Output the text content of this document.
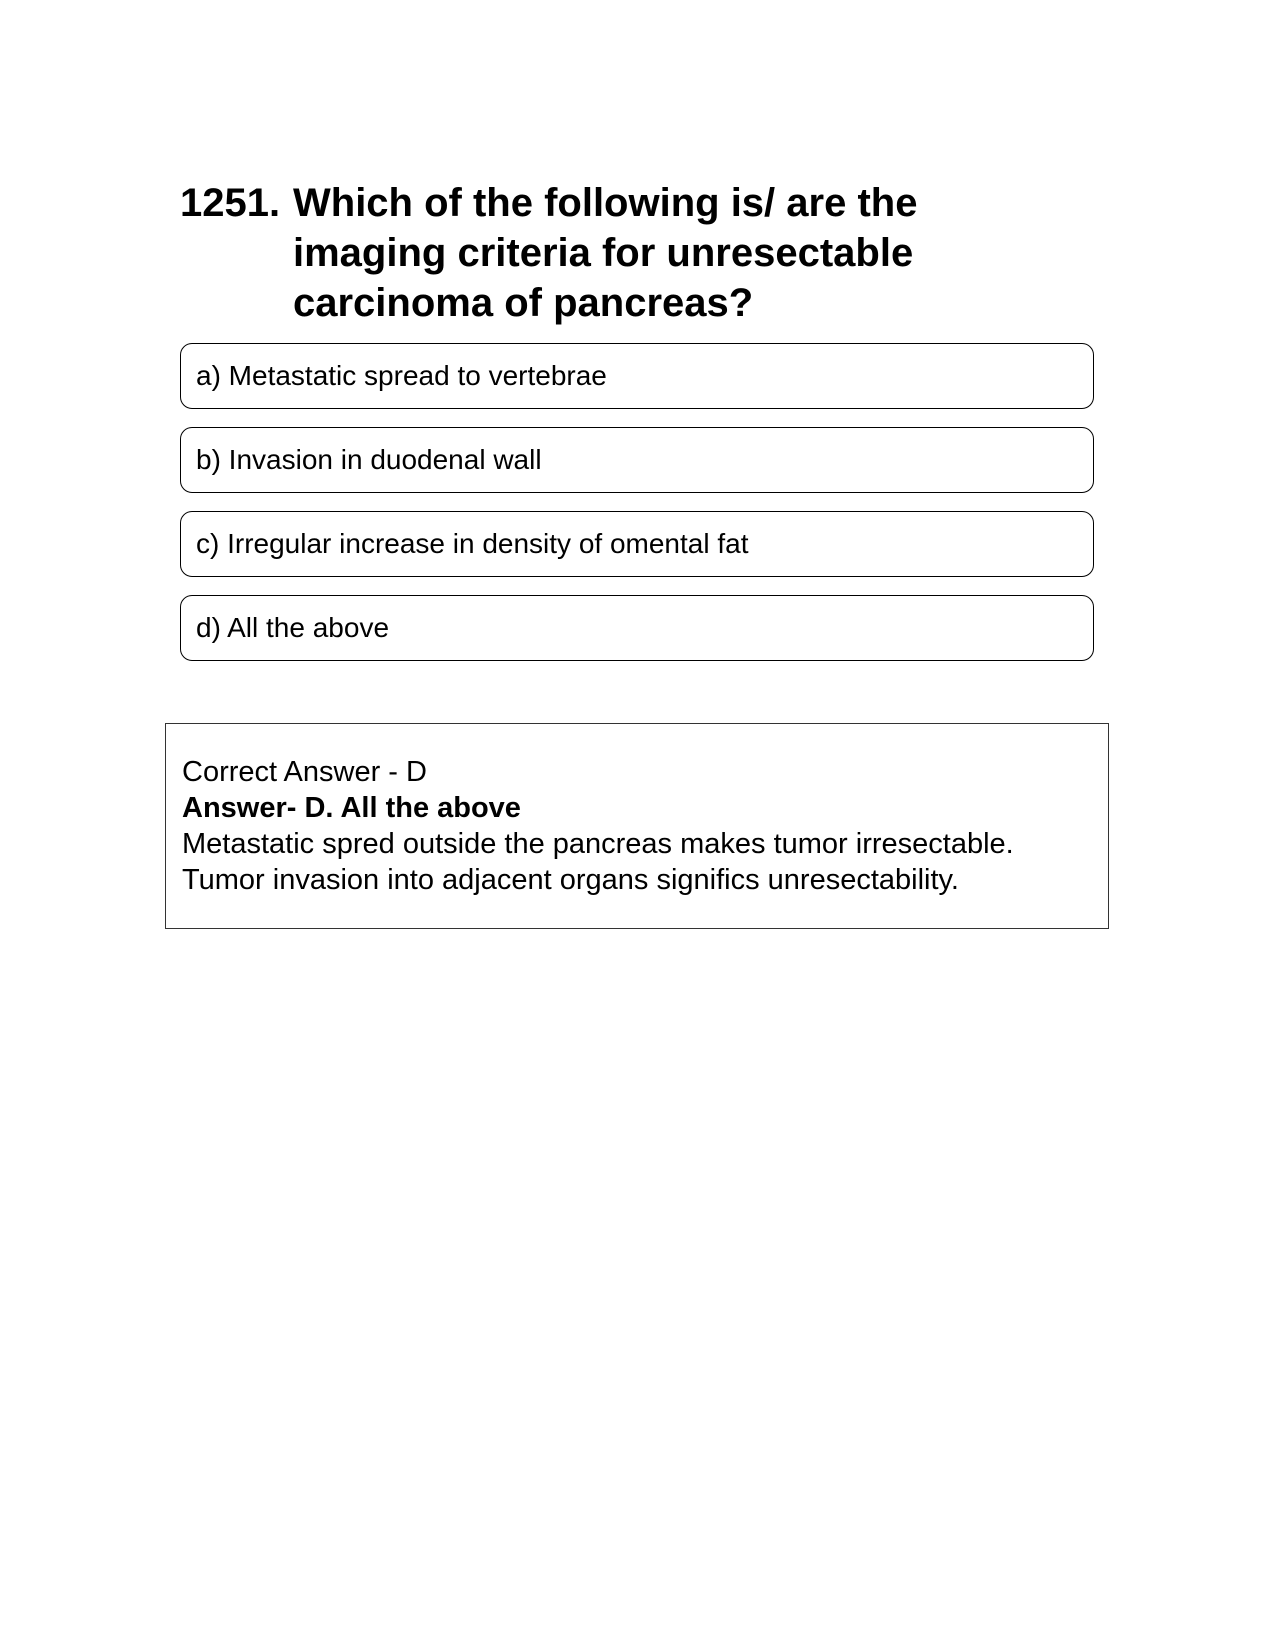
1251. Which of the following is/ are the imaging criteria for unresectable carcinoma of pancreas?
a) Metastatic spread to vertebrae
b) Invasion in duodenal wall
c) Irregular increase in density of omental fat
d) All the above
Correct Answer - D
Answer- D. All the above
Metastatic spred outside the pancreas makes tumor irresectable.
Tumor invasion into adjacent organs significs unresectability.
